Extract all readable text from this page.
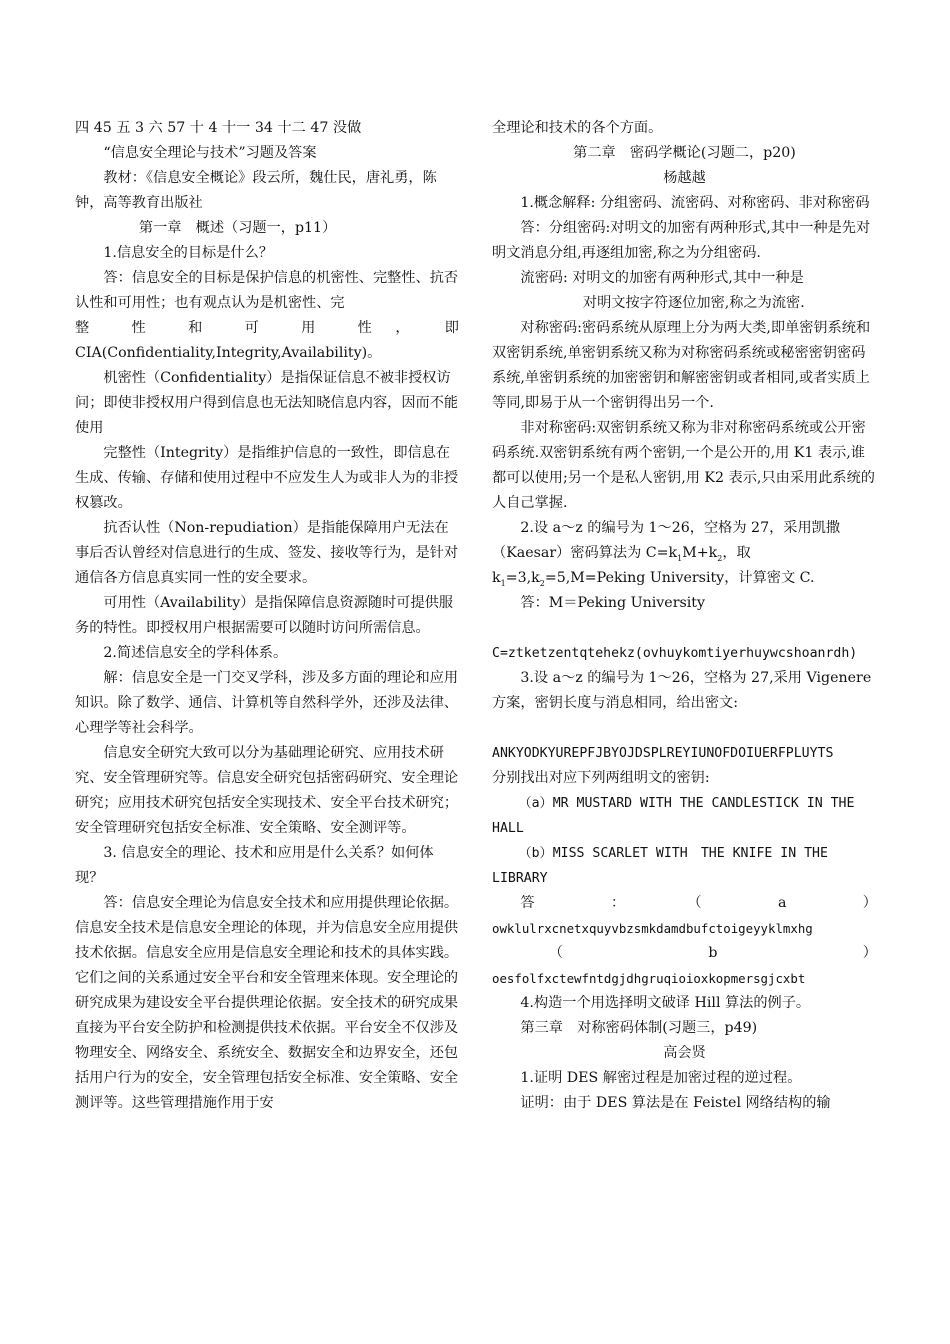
四 45 五 3 六 57 十 4 十一 34 十二 47 没做

“信息安全理论与技术”习题及答案

教材：《信息安全概论》段云所，魏仕民，唐礼勇，陈钟，高等教育出版社

第一章　概述（习题一，p11）

1.信息安全的目标是什么？

答：信息安全的目标是保护信息的机密性、完整性、抗否认性和可用性；也有观点认为是机密性、完

整　　性　　和　　可　　用　　性　，　　即

CIA(Confidentiality,Integrity,Availability)。

机密性（Confidentiality）是指保证信息不被非授权访问；即使非授权用户得到信息也无法知晓信息内容，因而不能使用

完整性（Integrity）是指维护信息的一致性，即信息在生成、传输、存储和使用过程中不应发生人为或非人为的非授权篡改。

抗否认性（Non-repudiation）是指能保障用户无法在事后否认曾经对信息进行的生成、签发、接收等行为，是针对通信各方信息真实同一性的安全要求。

可用性（Availability）是指保障信息资源随时可提供服务的特性。即授权用户根据需要可以随时访问所需信息。

2.简述信息安全的学科体系。

解：信息安全是一门交叉学科，涉及多方面的理论和应用知识。除了数学、通信、计算机等自然科学外，还涉及法律、心理学等社会科学。

信息安全研究大致可以分为基础理论研究、应用技术研究、安全管理研究等。信息安全研究包括密码研究、安全理论研究；应用技术研究包括安全实现技术、安全平台技术研究；安全管理研究包括安全标准、安全策略、安全测评等。

3. 信息安全的理论、技术和应用是什么关系？如何体现？

答：信息安全理论为信息安全技术和应用提供理论依据。信息安全技术是信息安全理论的体现，并为信息安全应用提供技术依据。信息安全应用是信息安全理论和技术的具体实践。它们之间的关系通过安全平台和安全管理来体现。安全理论的研究成果为建设安全平台提供理论依据。安全技术的研究成果直接为平台安全防护和检测提供技术依据。平台安全不仅涉及物理安全、网络安全、系统安全、数据安全和边界安全，还包括用户行为的安全，安全管理包括安全标准、安全策略、安全测评等。这些管理措施作用于安

全理论和技术的各个方面。

第二章　密码学概论(习题二，p20)

杨越越

1.概念解释: 分组密码、流密码、对称密码、非对称密码

答：分组密码:对明文的加密有两种形式,其中一种是先对明文消息分组,再逐组加密,称之为分组密码.

流密码: 对明文的加密有两种形式,其中一种是
对明文按字符逐位加密,称之为流密.

对称密码:密码系统从原理上分为两大类,即单密钥系统和双密钥系统,单密钥系统又称为对称密码系统或秘密密钥密码系统,单密钥系统的加密密钥和解密密钥或者相同,或者实质上等同,即易于从一个密钥得出另一个.

非对称密码:双密钥系统又称为非对称密码系统或公开密码系统.双密钥系统有两个密钥,一个是公开的,用 K1 表示,谁都可以使用;另一个是私人密钥,用 K2 表示,只由采用此系统的人自己掌握.

2.设 a～z 的编号为 1～26，空格为 27，采用凯撒（Kaesar）密码算法为 $C=k_1M+k_2$，取 $k_1=3,k_2=5,M=Peking$ University，计算密文 C.

答：M＝Peking University

C=ztketzentqtehekz(ovhuykomtiyerhuywcshoanrdh)

3.设 a～z 的编号为 1～26，空格为 27,采用 Vigenere 方案，密钥长度与消息相同，给出密文:

ANKYODKYUREPFJBYOJDSPLREYIUNOFDOIUERFPLUYTS

分别找出对应下列两组明文的密钥:

（a）MR MUSTARD WITH THE CANDLESTICK IN THE HALL

（b）MISS SCARLET WITH　THE KNIFE IN THE LIBRARY

答　　　：　　　（　　　a　　　）

owklulrxcnetxquyvbzsmkdamdbufctoigeyyklmxhg

（　　　　　　　b　　　　　　　）

oesfolfxctewfntdgjdhgruqioioxkopmersgjcxbt

4.构造一个用选择明文破译 Hill 算法的例子。

第三章　对称密码体制(习题三，p49)

高会贤

1.证明 DES 解密过程是加密过程的逆过程。

证明：由于 DES 算法是在 Feistel 网络结构的输
